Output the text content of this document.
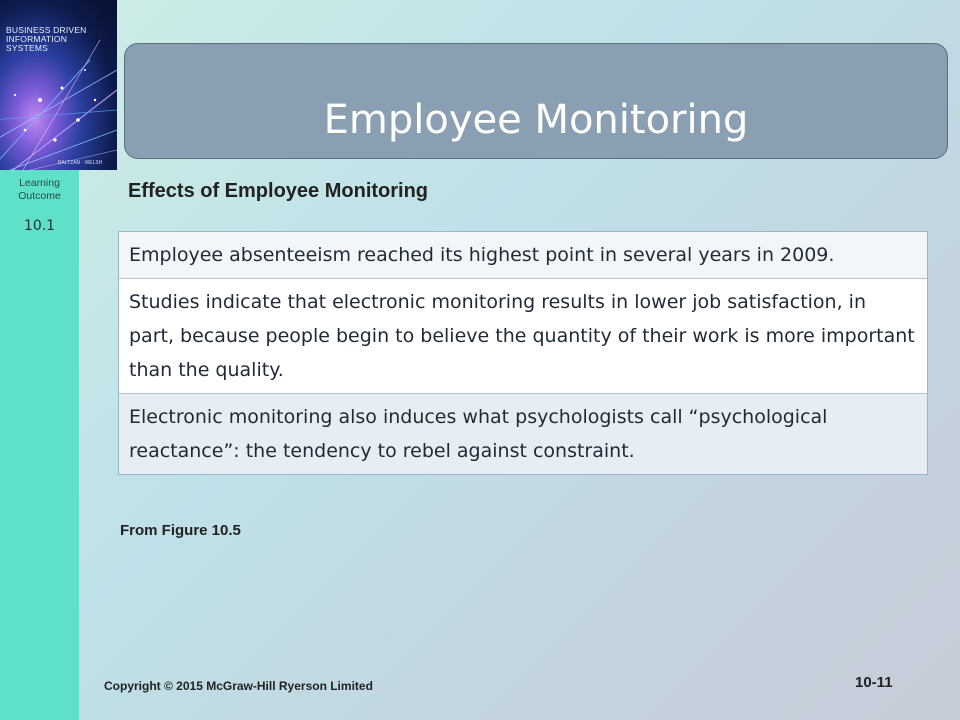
BUSINESS DRIVEN
INFORMATION SYSTEMS
BALTZAN · WELSH
Learning
Outcome
10.1
Employee Monitoring
Effects of Employee Monitoring
Employee absenteeism reached its highest point in several years in 2009.
Studies indicate that electronic monitoring results in lower job satisfaction, in part, because people begin to believe the quantity of their work is more important than the quality.
Electronic monitoring also induces what psychologists call “psychological reactance”: the tendency to rebel against constraint.
From Figure 10.5
Copyright © 2015 McGraw-Hill Ryerson Limited	10-11
